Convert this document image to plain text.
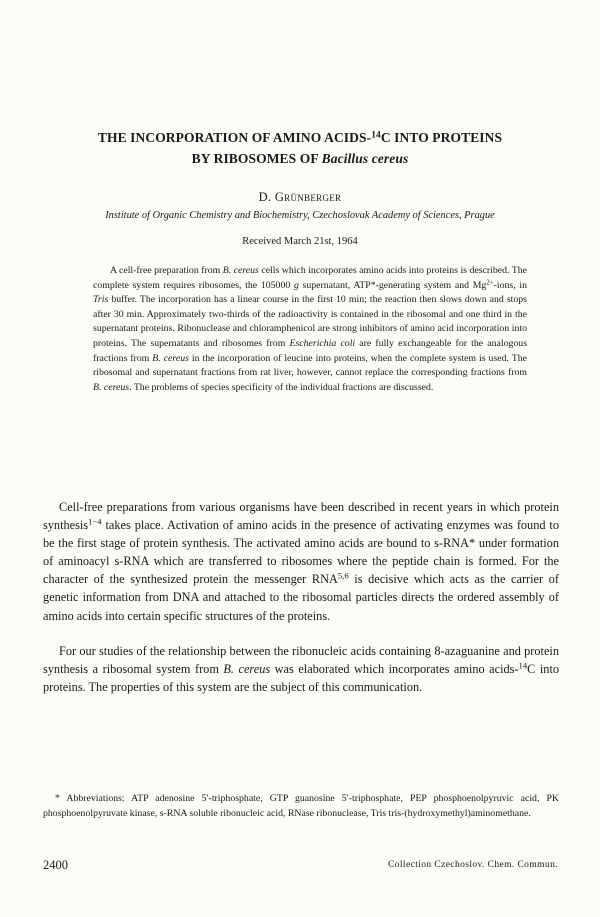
THE INCORPORATION OF AMINO ACIDS-$^{14}$C INTO PROTEINS
BY RIBOSOMES OF Bacillus cereus
D. Grünberger
Institute of Organic Chemistry and Biochemistry, Czechoslovak Academy of Sciences, Prague
Received March 21st, 1964

A cell-free preparation from B. cereus cells which incorporates amino acids into proteins is described. The complete system requires ribosomes, the 105000 g supernatant, ATP*-generating system and $Mg^{2+}$-ions, in Tris buffer. The incorporation has a linear course in the first 10 min; the reaction then slows down and stops after 30 min. Approximately two-thirds of the radioactivity is contained in the ribosomal and one third in the supernatant proteins. Ribonuclease and chloramphenicol are strong inhibitors of amino acid incorporation into proteins. The supernatants and ribosomes from Escherichia coli are fully exchangeable for the analogous fractions from B. cereus in the incorporation of leucine into proteins, when the complete system is used. The ribosomal and supernatant fractions from rat liver, however, cannot replace the corresponding fractions from B. cereus. The problems of species specificity of the individual fractions are discussed.

Cell-free preparations from various organisms have been described in recent years in which protein synthesis$^{1-4}$ takes place. Activation of amino acids in the presence of activating enzymes was found to be the first stage of protein synthesis. The activated amino acids are bound to s-RNA* under formation of aminoacyl s-RNA which are transferred to ribosomes where the peptide chain is formed. For the character of the synthesized protein the messenger RNA$^{5,6}$ is decisive which acts as the carrier of genetic information from DNA and attached to the ribosomal particles directs the ordered assembly of amino acids into certain specific structures of the proteins.

For our studies of the relationship between the ribonucleic acids containing 8-azaguanine and protein synthesis a ribosomal system from B. cereus was elaborated which incorporates amino acids-$^{14}$C into proteins. The properties of this system are the subject of this communication.

* Abbreviations: ATP adenosine 5′-triphosphate, GTP guanosine 5′-triphosphate, PEP phosphoenolpyruvic acid, PK phosphoenolpyruvate kinase, s-RNA soluble ribonucleic acid, RNase ribonuclease, Tris tris-(hydroxymethyl)aminomethane.

2400	Collection Czechoslov. Chem. Commun.
